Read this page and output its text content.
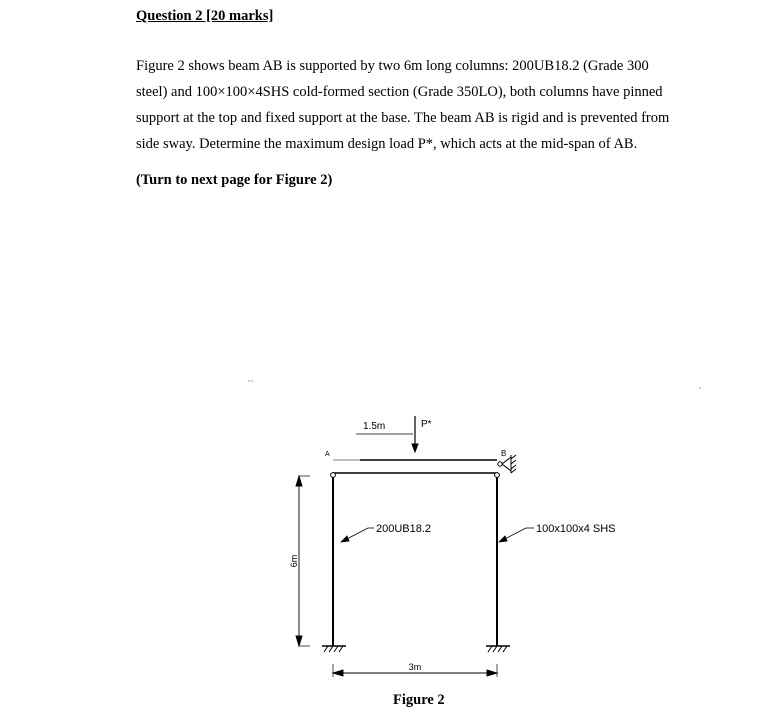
Question 2 [20 marks]
Figure 2 shows beam AB is supported by two 6m long columns: 200UB18.2 (Grade 300
steel) and 100×100×4SHS cold-formed section (Grade 350LO), both columns have pinned
support at the top and fixed support at the base. The beam AB is rigid and is prevented from
side sway. Determine the maximum design load P*, which acts at the mid-span of AB.
(Turn to next page for Figure 2)
P*
1.5m
A	B
200UB18.2	100x100x4 SHS
6m
3m
Figure 2
